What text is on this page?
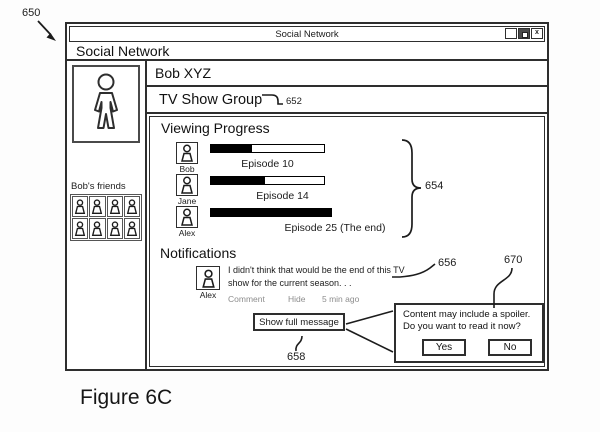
Social Network	x
Social Network
Bob's friends
Bob XYZ
TV Show Group
Viewing Progress
Bob	Episode 10
Jane	Episode 14
Alex	Episode 25 (The end)
Notifications
Alex
I didn't think that would be the end of this TV
show for the current season. . .
Comment	Hide 5 min ago
Show full message
Content may include a spoiler.
Do you want to read it now?
Yes	No
650
652
654
656
658
670
Figure 6C
